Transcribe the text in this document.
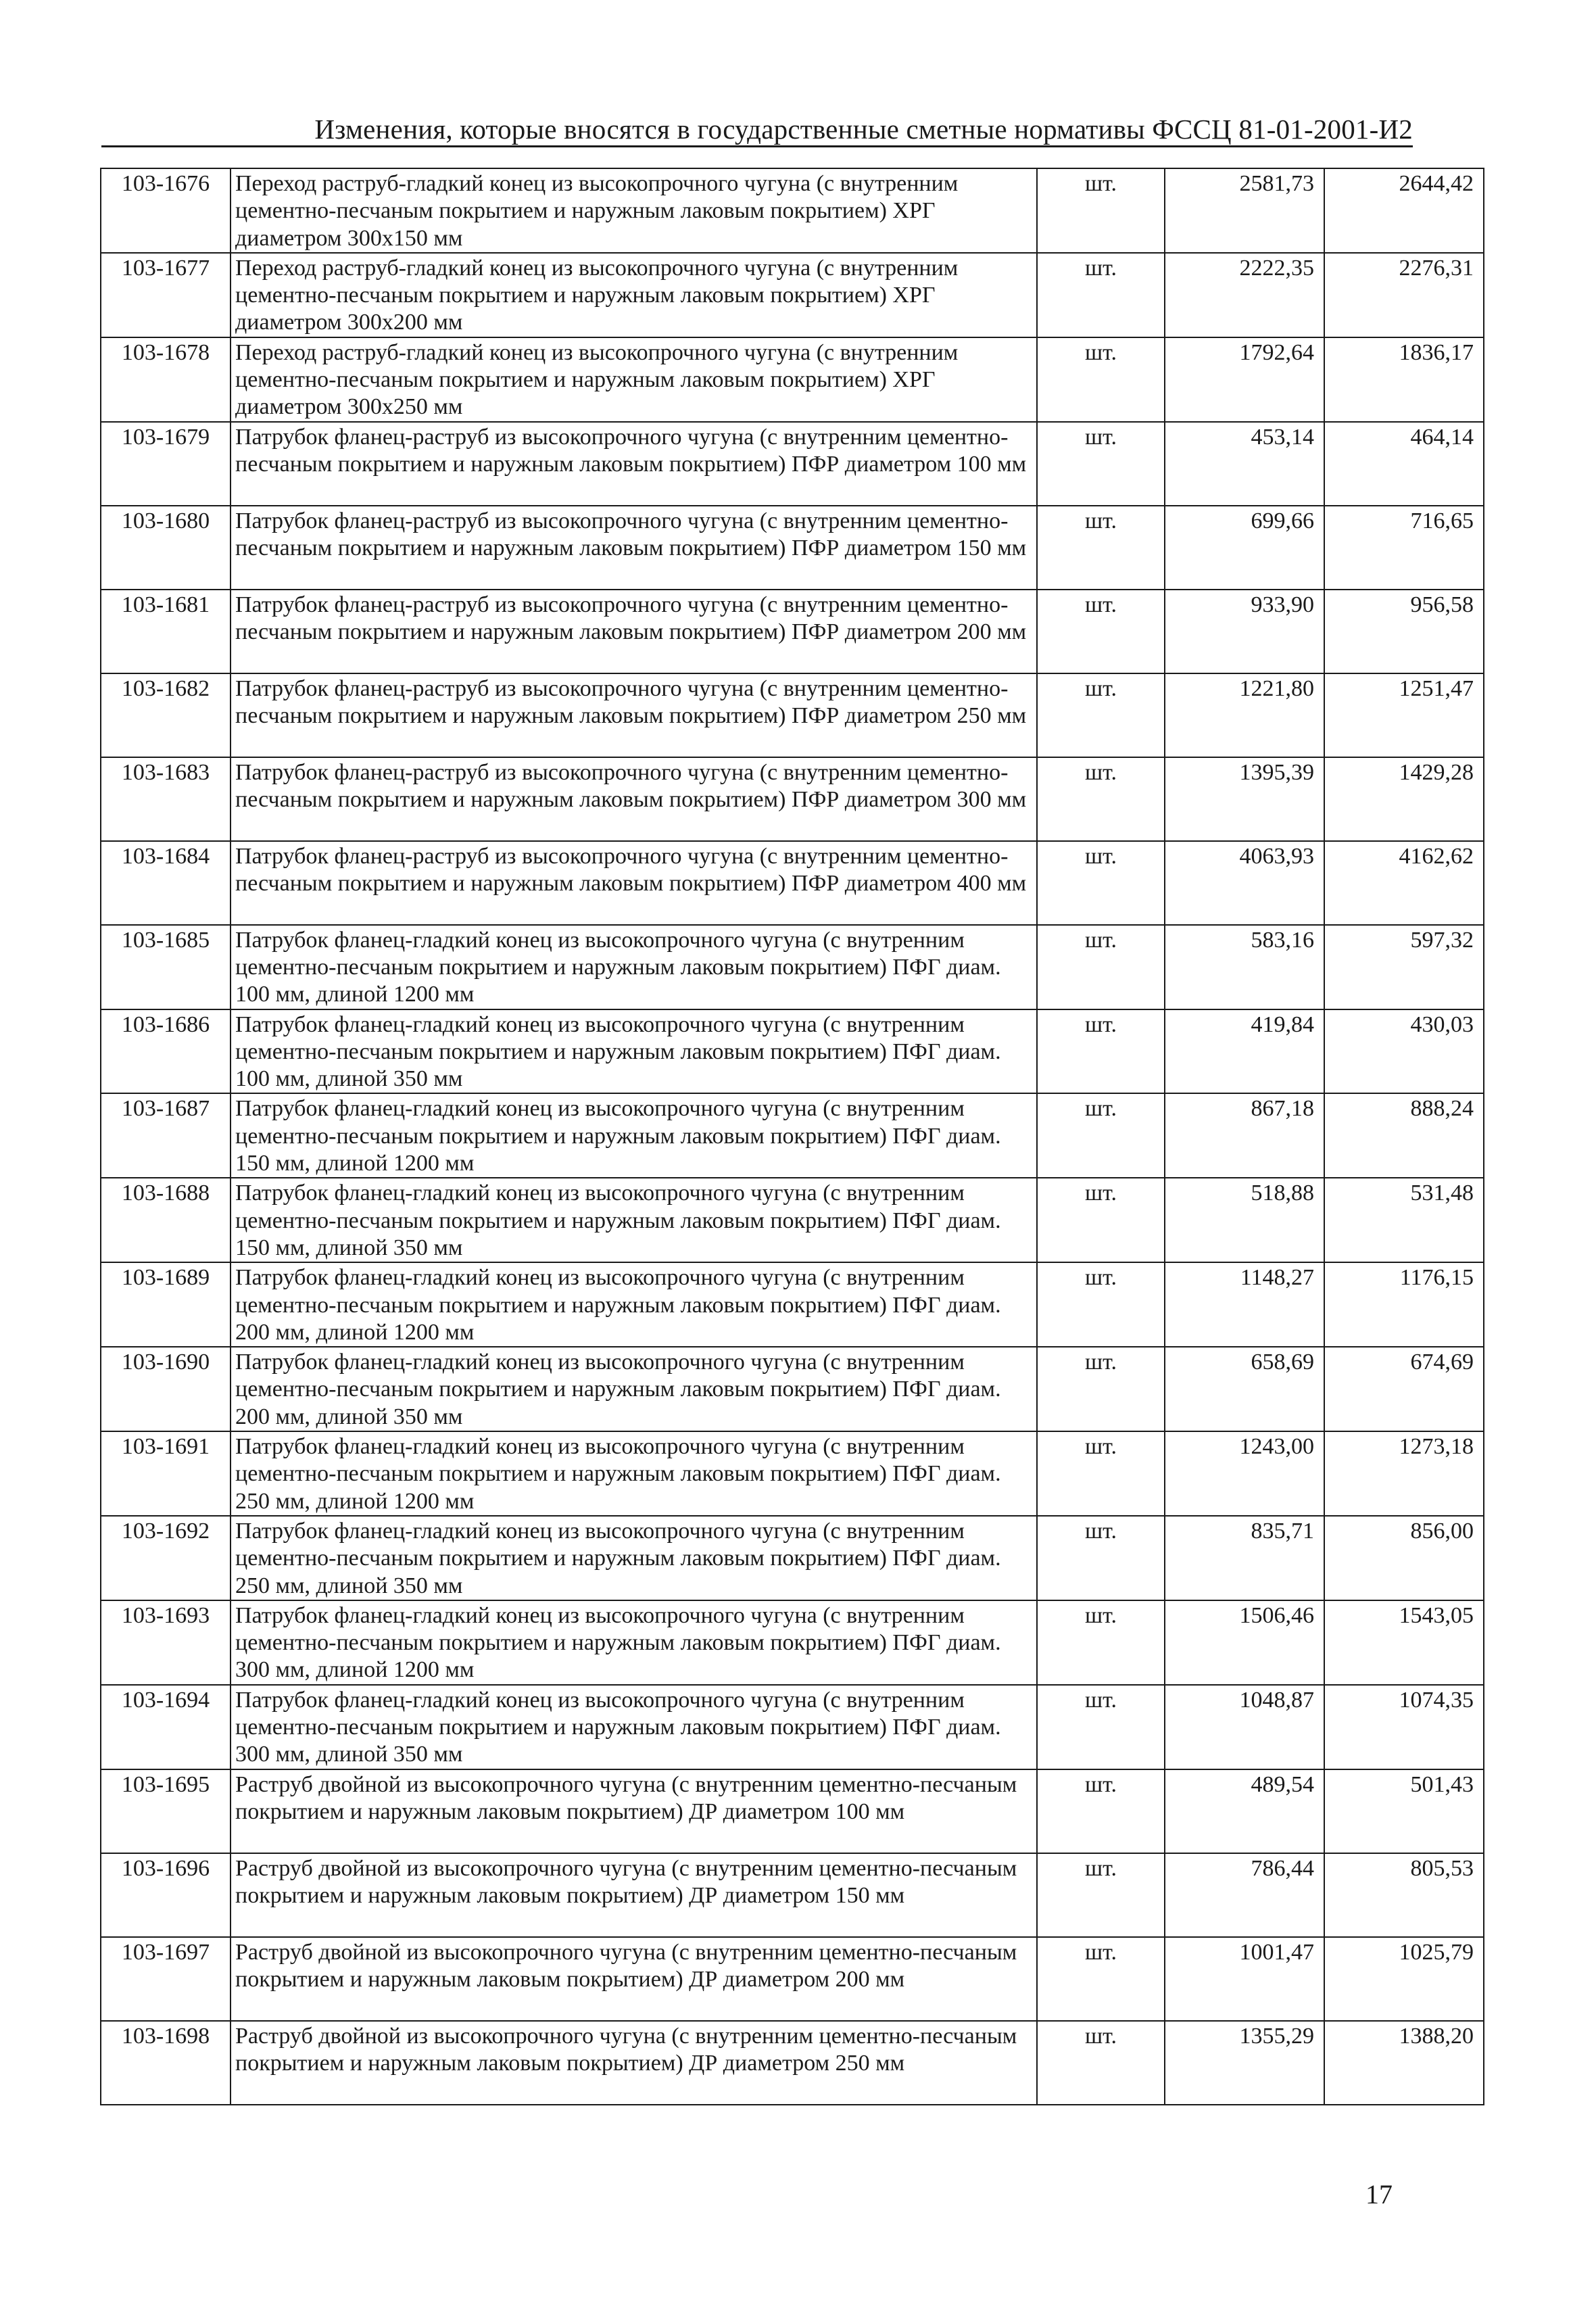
Изменения, которые вносятся в государственные сметные нормативы ФССЦ 81-01-2001-И2
103-1676	Переход раструб-гладкий конец из высокопрочного чугуна (с внутренним цементно-песчаным покрытием и наружным лаковым покрытием) ХРГ диаметром 300х150 мм	шт.	2581,73	2644,42
103-1677	Переход раструб-гладкий конец из высокопрочного чугуна (с внутренним цементно-песчаным покрытием и наружным лаковым покрытием) ХРГ диаметром 300х200 мм	шт.	2222,35	2276,31
103-1678	Переход раструб-гладкий конец из высокопрочного чугуна (с внутренним цементно-песчаным покрытием и наружным лаковым покрытием) ХРГ диаметром 300х250 мм	шт.	1792,64	1836,17
103-1679	Патрубок фланец-раструб из высокопрочного чугуна (с внутренним цементно-песчаным покрытием и наружным лаковым покрытием) ПФР диаметром 100 мм	шт.	453,14	464,14
103-1680	Патрубок фланец-раструб из высокопрочного чугуна (с внутренним цементно-песчаным покрытием и наружным лаковым покрытием) ПФР диаметром 150 мм	шт.	699,66	716,65
103-1681	Патрубок фланец-раструб из высокопрочного чугуна (с внутренним цементно-песчаным покрытием и наружным лаковым покрытием) ПФР диаметром 200 мм	шт.	933,90	956,58
103-1682	Патрубок фланец-раструб из высокопрочного чугуна (с внутренним цементно-песчаным покрытием и наружным лаковым покрытием) ПФР диаметром 250 мм	шт.	1221,80	1251,47
103-1683	Патрубок фланец-раструб из высокопрочного чугуна (с внутренним цементно-песчаным покрытием и наружным лаковым покрытием) ПФР диаметром 300 мм	шт.	1395,39	1429,28
103-1684	Патрубок фланец-раструб из высокопрочного чугуна (с внутренним цементно-песчаным покрытием и наружным лаковым покрытием) ПФР диаметром 400 мм	шт.	4063,93	4162,62
103-1685	Патрубок фланец-гладкий конец из высокопрочного чугуна (с внутренним цементно-песчаным покрытием и наружным лаковым покрытием) ПФГ диам. 100 мм, длиной 1200 мм	шт.	583,16	597,32
103-1686	Патрубок фланец-гладкий конец из высокопрочного чугуна (с внутренним цементно-песчаным покрытием и наружным лаковым покрытием) ПФГ диам. 100 мм, длиной 350 мм	шт.	419,84	430,03
103-1687	Патрубок фланец-гладкий конец из высокопрочного чугуна (с внутренним цементно-песчаным покрытием и наружным лаковым покрытием) ПФГ диам. 150 мм, длиной 1200 мм	шт.	867,18	888,24
103-1688	Патрубок фланец-гладкий конец из высокопрочного чугуна (с внутренним цементно-песчаным покрытием и наружным лаковым покрытием) ПФГ диам. 150 мм, длиной 350 мм	шт.	518,88	531,48
103-1689	Патрубок фланец-гладкий конец из высокопрочного чугуна (с внутренним цементно-песчаным покрытием и наружным лаковым покрытием) ПФГ диам. 200 мм, длиной 1200 мм	шт.	1148,27	1176,15
103-1690	Патрубок фланец-гладкий конец из высокопрочного чугуна (с внутренним цементно-песчаным покрытием и наружным лаковым покрытием) ПФГ диам. 200 мм, длиной 350 мм	шт.	658,69	674,69
103-1691	Патрубок фланец-гладкий конец из высокопрочного чугуна (с внутренним цементно-песчаным покрытием и наружным лаковым покрытием) ПФГ диам. 250 мм, длиной 1200 мм	шт.	1243,00	1273,18
103-1692	Патрубок фланец-гладкий конец из высокопрочного чугуна (с внутренним цементно-песчаным покрытием и наружным лаковым покрытием) ПФГ диам. 250 мм, длиной 350 мм	шт.	835,71	856,00
103-1693	Патрубок фланец-гладкий конец из высокопрочного чугуна (с внутренним цементно-песчаным покрытием и наружным лаковым покрытием) ПФГ диам. 300 мм, длиной 1200 мм	шт.	1506,46	1543,05
103-1694	Патрубок фланец-гладкий конец из высокопрочного чугуна (с внутренним цементно-песчаным покрытием и наружным лаковым покрытием) ПФГ диам. 300 мм, длиной 350 мм	шт.	1048,87	1074,35
103-1695	Раструб двойной из высокопрочного чугуна (с внутренним цементно-песчаным покрытием и наружным лаковым покрытием) ДР диаметром 100 мм	шт.	489,54	501,43
103-1696	Раструб двойной из высокопрочного чугуна (с внутренним цементно-песчаным покрытием и наружным лаковым покрытием) ДР диаметром 150 мм	шт.	786,44	805,53
103-1697	Раструб двойной из высокопрочного чугуна (с внутренним цементно-песчаным покрытием и наружным лаковым покрытием) ДР диаметром 200 мм	шт.	1001,47	1025,79
103-1698	Раструб двойной из высокопрочного чугуна (с внутренним цементно-песчаным покрытием и наружным лаковым покрытием) ДР диаметром 250 мм	шт.	1355,29	1388,20
17
